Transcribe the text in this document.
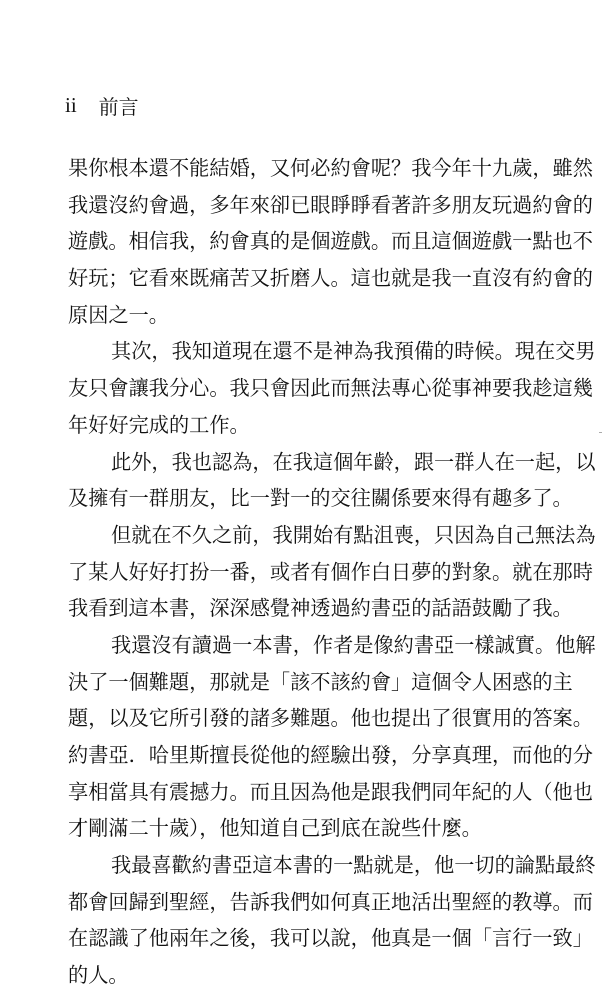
ii 前言
果你根本還不能結婚，又何必約會呢？我今年十九歲，雖然
我還沒約會過，多年來卻已眼睜睜看著許多朋友玩過約會的
遊戲。相信我，約會真的是個遊戲。而且這個遊戲一點也不
好玩；它看來既痛苦又折磨人。這也就是我一直沒有約會的
原因之一。
其次，我知道現在還不是神為我預備的時候。現在交男
友只會讓我分心。我只會因此而無法專心從事神要我趁這幾
年好好完成的工作。
此外，我也認為，在我這個年齡，跟一群人在一起，以
及擁有一群朋友，比一對一的交往關係要來得有趣多了。
但就在不久之前，我開始有點沮喪，只因為自己無法為
了某人好好打扮一番，或者有個作白日夢的對象。就在那時
我看到這本書，深深感覺神透過約書亞的話語鼓勵了我。
我還沒有讀過一本書，作者是像約書亞一樣誠實。他解
決了一個難題，那就是「該不該約會」這個令人困惑的主
題，以及它所引發的諸多難題。他也提出了很實用的答案。
約書亞．哈里斯擅長從他的經驗出發，分享真理，而他的分
享相當具有震撼力。而且因為他是跟我們同年紀的人（他也
才剛滿二十歲），他知道自己到底在說些什麼。
我最喜歡約書亞這本書的一點就是，他一切的論點最終
都會回歸到聖經，告訴我們如何真正地活出聖經的教導。而
在認識了他兩年之後，我可以說，他真是一個「言行一致」
的人。
